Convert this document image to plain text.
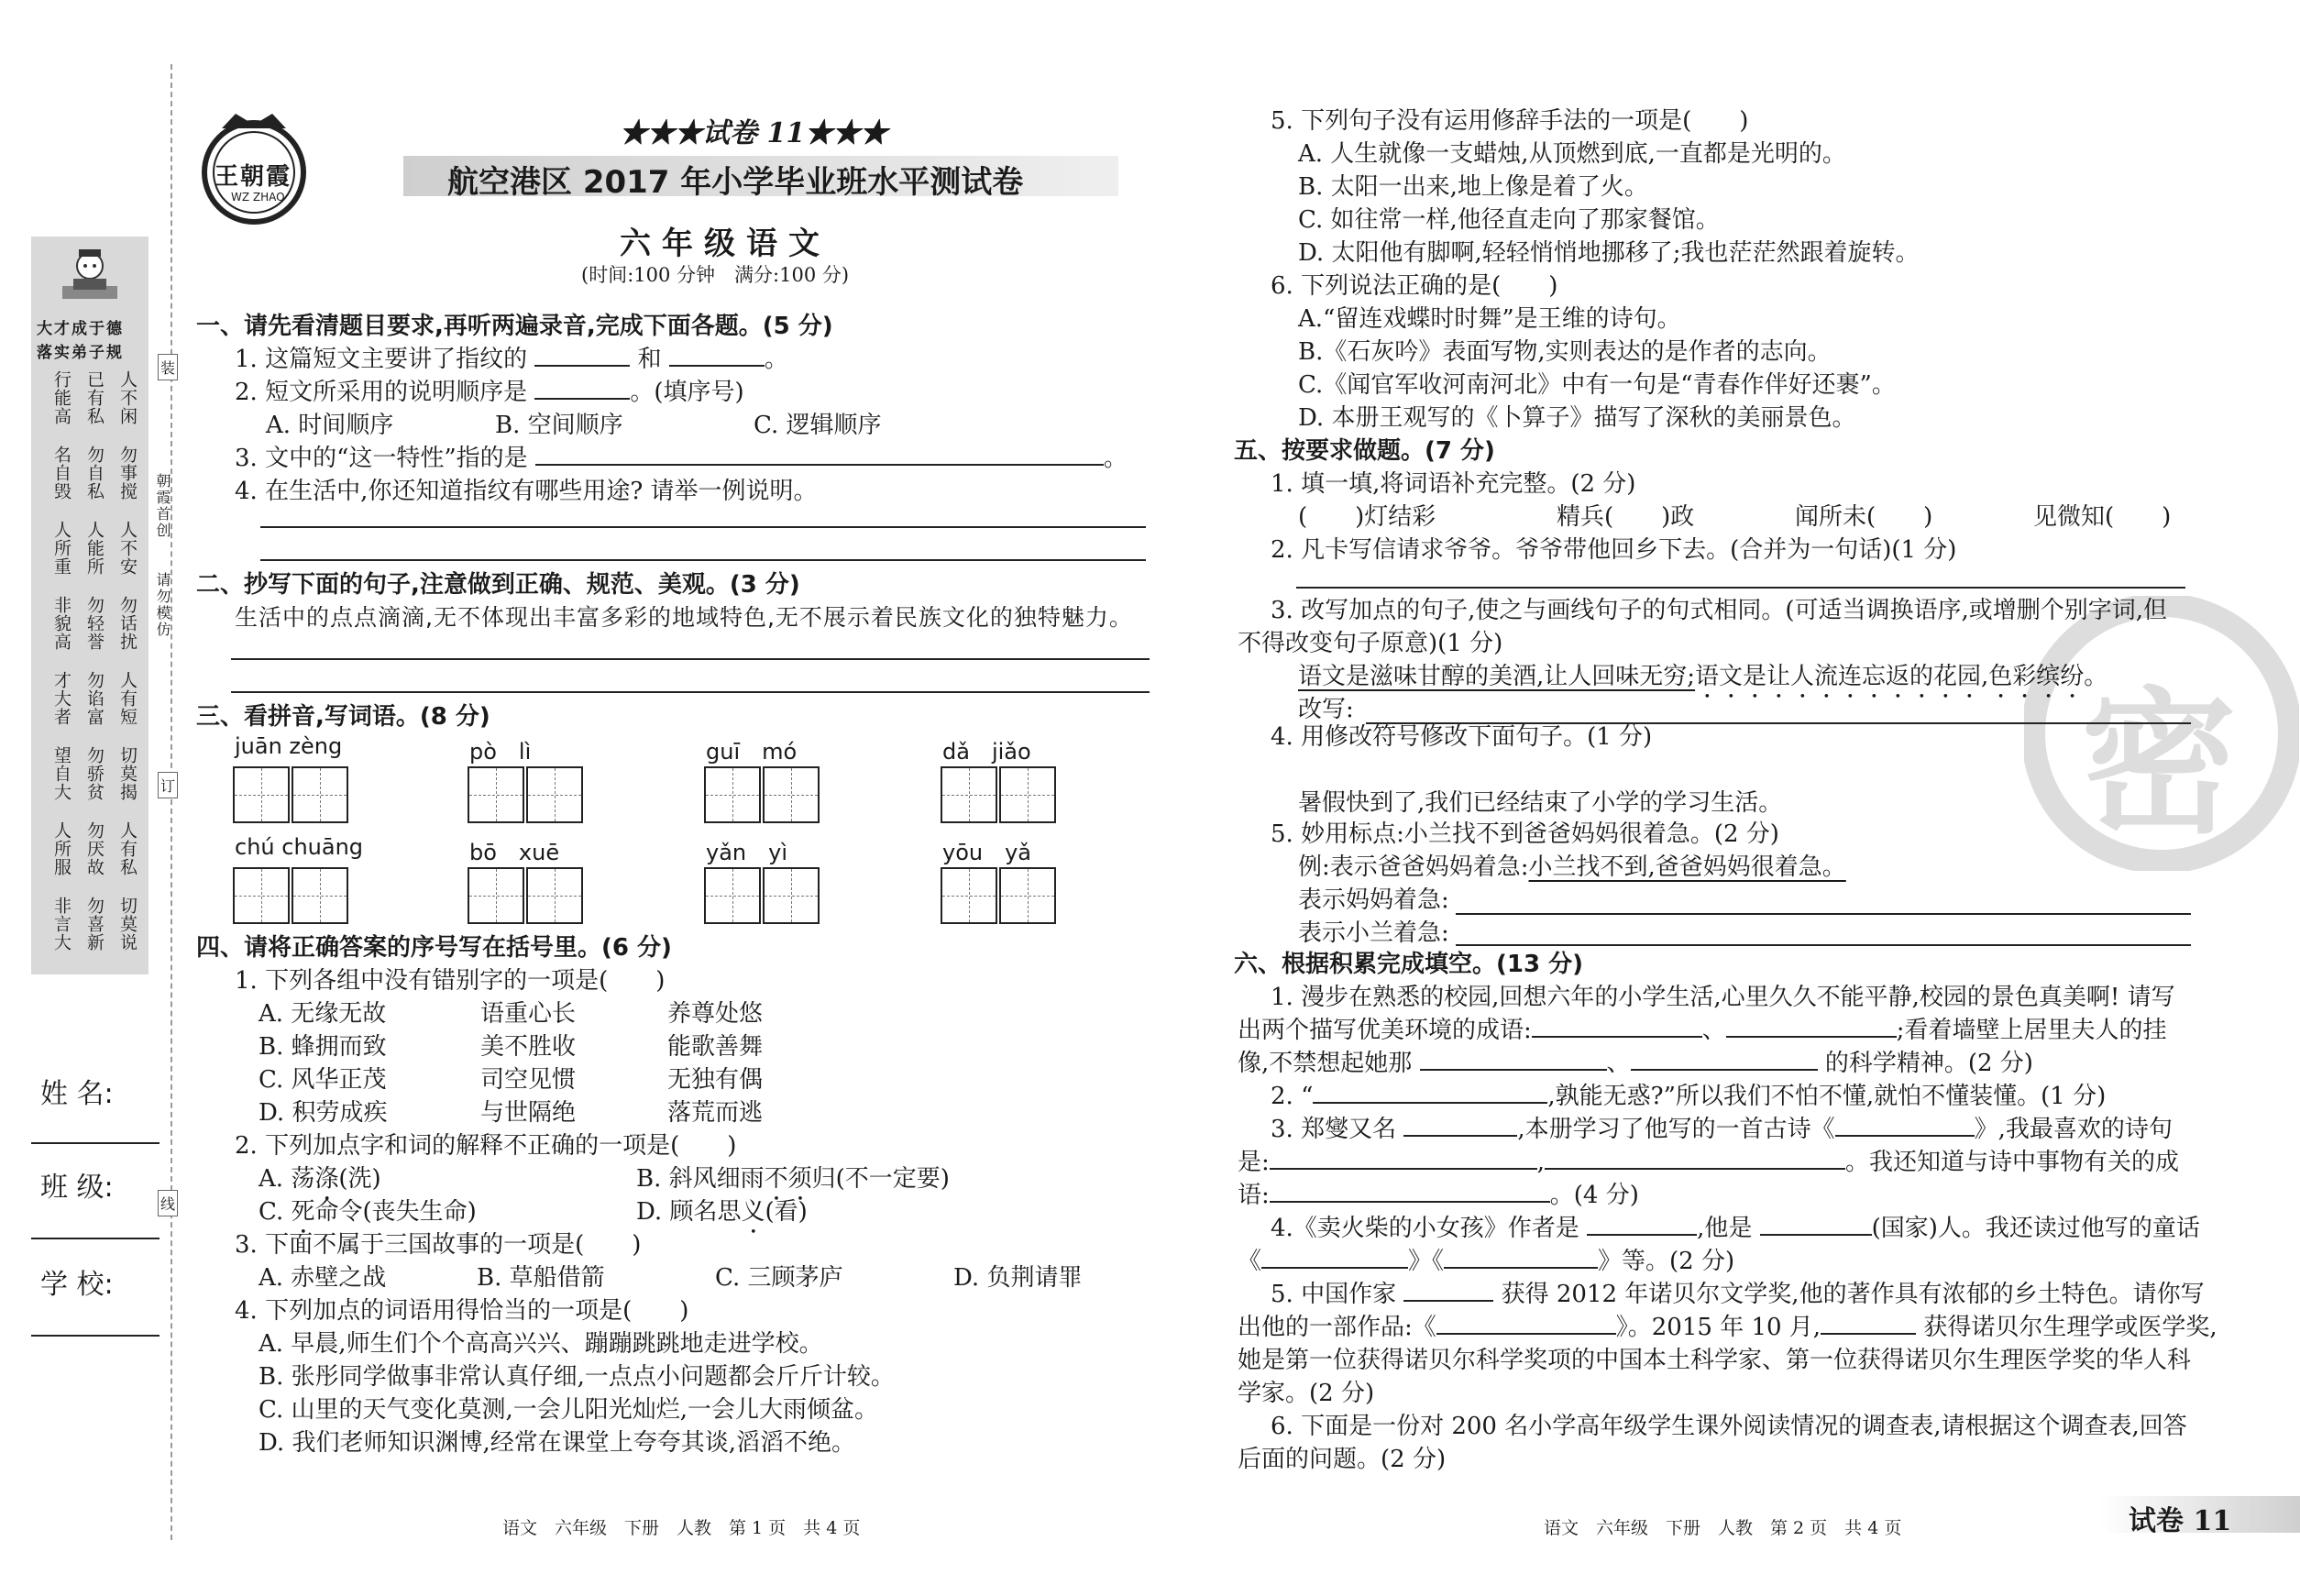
大才成于德
落实弟子规
人不闲
已有私
行能高
勿事搅
勿自私
名自毁
人不安
人能所
人所重
勿话扰
勿轻誉
非貌高
人有短
勿谄富
才大者
切莫揭
勿骄贫
望自大
人有私
勿厌故
人所服
切莫说
勿喜新
非言大
装
订
线
朝霞首创
请勿模仿
姓 名:
班 级:
学 校:
王朝霞
WZ ZHAO
★★★试卷 11★★★
航空港区 2017 年小学毕业班水平测试卷
六年级语文
(时间:100 分钟　满分:100 分)
一、请先看清题目要求,再听两遍录音,完成下面各题。(5 分)
1. 这篇短文主要讲了指纹的	和	。
2. 短文所采用的说明顺序是	。(填序号)
A. 时间顺序	B. 空间顺序	C. 逻辑顺序
3. 文中的“这一特性”指的是	。
4. 在生活中,你还知道指纹有哪些用途? 请举一例说明。
二、抄写下面的句子,注意做到正确、规范、美观。(3 分)
生活中的点点滴滴,无不体现出丰富多彩的地域特色,无不展示着民族文化的独特魅力。
三、看拼音,写词语。(8 分)
juān zèng	pò　lì	guī　mó	dǎ　jiǎo
chú chuāng	bō　xuē	yǎn　yì	yōu　yǎ
四、请将正确答案的序号写在括号里。(6 分)
1. 下列各组中没有错别字的一项是(　　)
A. 无缘无故	语重心长	养尊处悠
B. 蜂拥而致	美不胜收	能歌善舞
C. 风华正茂	司空见惯	无独有偶
D. 积劳成疾	与世隔绝	落荒而逃
2. 下列加点字和词的解释不正确的一项是(　　)
A. 荡涤(洗)	B. 斜风细雨不须归(不一定要)
C. 死命令(丧失生命)	D. 顾名思义(看)
3. 下面不属于三国故事的一项是(　　)
A. 赤壁之战	B. 草船借箭	C. 三顾茅庐	D. 负荆请罪
4. 下列加点的词语用得恰当的一项是(　　)
A. 早晨,师生们个个高高兴兴、蹦蹦跳跳地走进学校。
B. 张彤同学做事非常认真仔细,一点点小问题都会斤斤计较。
C. 山里的天气变化莫测,一会儿阳光灿烂,一会儿大雨倾盆。
D. 我们老师知识渊博,经常在课堂上夸夸其谈,滔滔不绝。
语文　六年级　下册　人教　第 1 页　共 4 页
密
5. 下列句子没有运用修辞手法的一项是(　　)
A. 人生就像一支蜡烛,从顶燃到底,一直都是光明的。
B. 太阳一出来,地上像是着了火。
C. 如往常一样,他径直走向了那家餐馆。
D. 太阳他有脚啊,轻轻悄悄地挪移了;我也茫茫然跟着旋转。
6. 下列说法正确的是(　　)
A.“留连戏蝶时时舞”是王维的诗句。
B.《石灰吟》表面写物,实则表达的是作者的志向。
C.《闻官军收河南河北》中有一句是“青春作伴好还裹”。
D. 本册王观写的《卜算子》描写了深秋的美丽景色。
五、按要求做题。(7 分)
1. 填一填,将词语补充完整。(2 分)
(　　)灯结彩	精兵(　　)政	闻所未(　　)	见微知(　　)
2. 凡卡写信请求爷爷。爷爷带他回乡下去。(合并为一句话)(1 分)
3. 改写加点的句子,使之与画线句子的句式相同。(可适当调换语序,或增删个别字词,但
不得改变句子原意)(1 分)
语文是滋味甘醇的美酒,让人回味无穷;语文是让人流连忘返的花园,色彩缤纷。
改写:
4. 用修改符号修改下面句子。(1 分)
暑假快到了,我们已经结束了小学的学习生活。
5. 妙用标点:小兰找不到爸爸妈妈很着急。(2 分)
例:表示爸爸妈妈着急:小兰找不到,爸爸妈妈很着急。
表示妈妈着急:
表示小兰着急:
六、根据积累完成填空。(13 分)
1. 漫步在熟悉的校园,回想六年的小学生活,心里久久不能平静,校园的景色真美啊! 请写
出两个描写优美环境的成语:	、	;看着墙壁上居里夫人的挂
像,不禁想起她那	、	的科学精神。(2 分)
2. “	,孰能无惑?”所以我们不怕不懂,就怕不懂装懂。(1 分)
3. 郑燮又名	,本册学习了他写的一首古诗《	》,我最喜欢的诗句
是:	,	。我还知道与诗中事物有关的成
语:	。(4 分)
4.《卖火柴的小女孩》作者是	,他是	(国家)人。我还读过他写的童话
《	》《	》等。(2 分)
5. 中国作家	获得 2012 年诺贝尔文学奖,他的著作具有浓郁的乡土特色。请你写
出他的一部作品:《	》。2015 年 10 月,	获得诺贝尔生理学或医学奖,
她是第一位获得诺贝尔科学奖项的中国本土科学家、第一位获得诺贝尔生理医学奖的华人科
学家。(2 分)
6. 下面是一份对 200 名小学高年级学生课外阅读情况的调查表,请根据这个调查表,回答
后面的问题。(2 分)
语文　六年级　下册　人教　第 2 页　共 4 页	试卷 11
